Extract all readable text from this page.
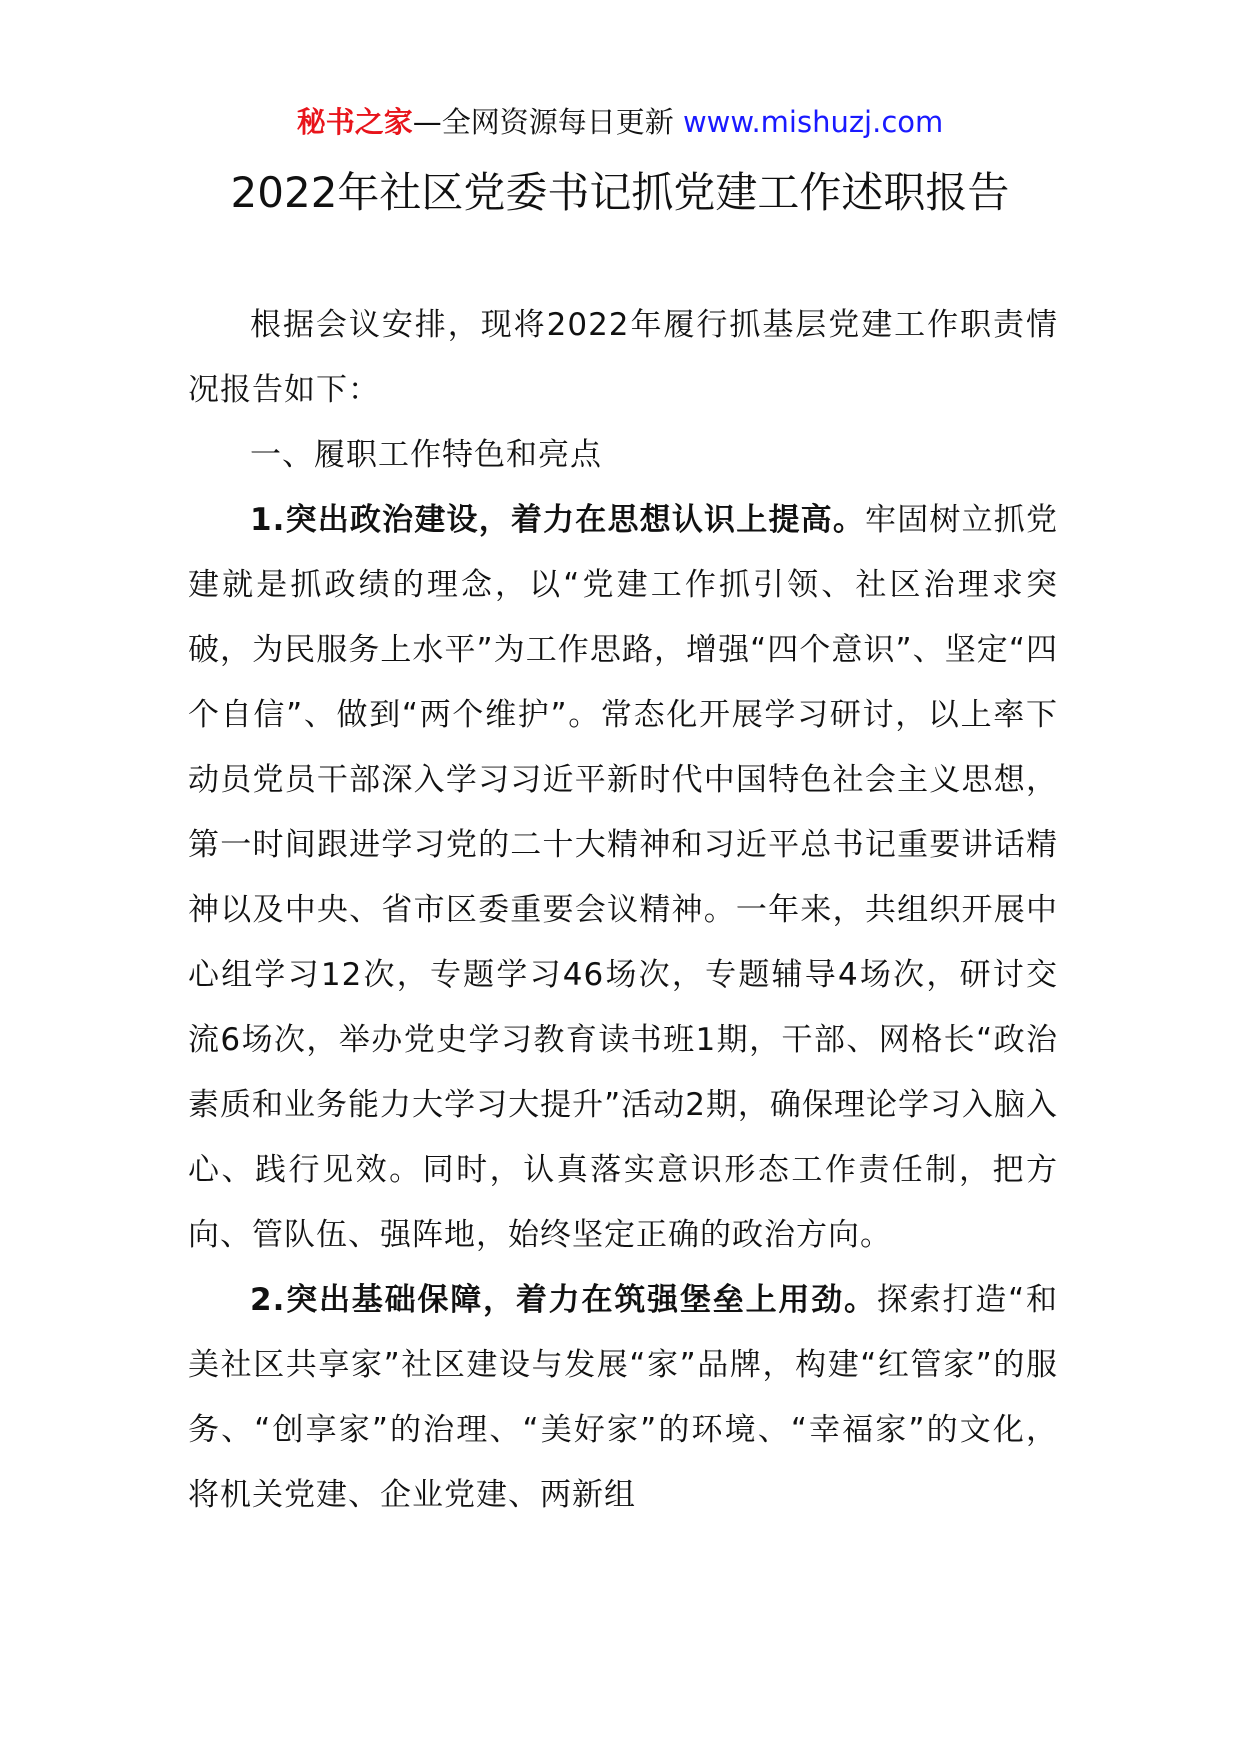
秘书之家—全网资源每日更新 www.mishuzj.com
2022年社区党委书记抓党建工作述职报告

根据会议安排，现将2022年履行抓基层党建工作职责情况报告如下：

一、履职工作特色和亮点

1.突出政治建设，着力在思想认识上提高。牢固树立抓党建就是抓政绩的理念，以“党建工作抓引领、社区治理求突破，为民服务上水平”为工作思路，增强“四个意识”、坚定“四个自信”、做到“两个维护”。常态化开展学习研讨，以上率下动员党员干部深入学习习近平新时代中国特色社会主义思想，第一时间跟进学习党的二十大精神和习近平总书记重要讲话精神以及中央、省市区委重要会议精神。一年来，共组织开展中心组学习12次，专题学习46场次，专题辅导4场次，研讨交流6场次，举办党史学习教育读书班1期，干部、网格长“政治素质和业务能力大学习大提升”活动2期，确保理论学习入脑入心、践行见效。同时，认真落实意识形态工作责任制，把方向、管队伍、强阵地，始终坚定正确的政治方向。

2.突出基础保障，着力在筑强堡垒上用劲。探索打造“和美社区共享家”社区建设与发展“家”品牌，构建“红管家”的服务、“创享家”的治理、“美好家”的环境、“幸福家”的文化，将机关党建、企业党建、两新组
